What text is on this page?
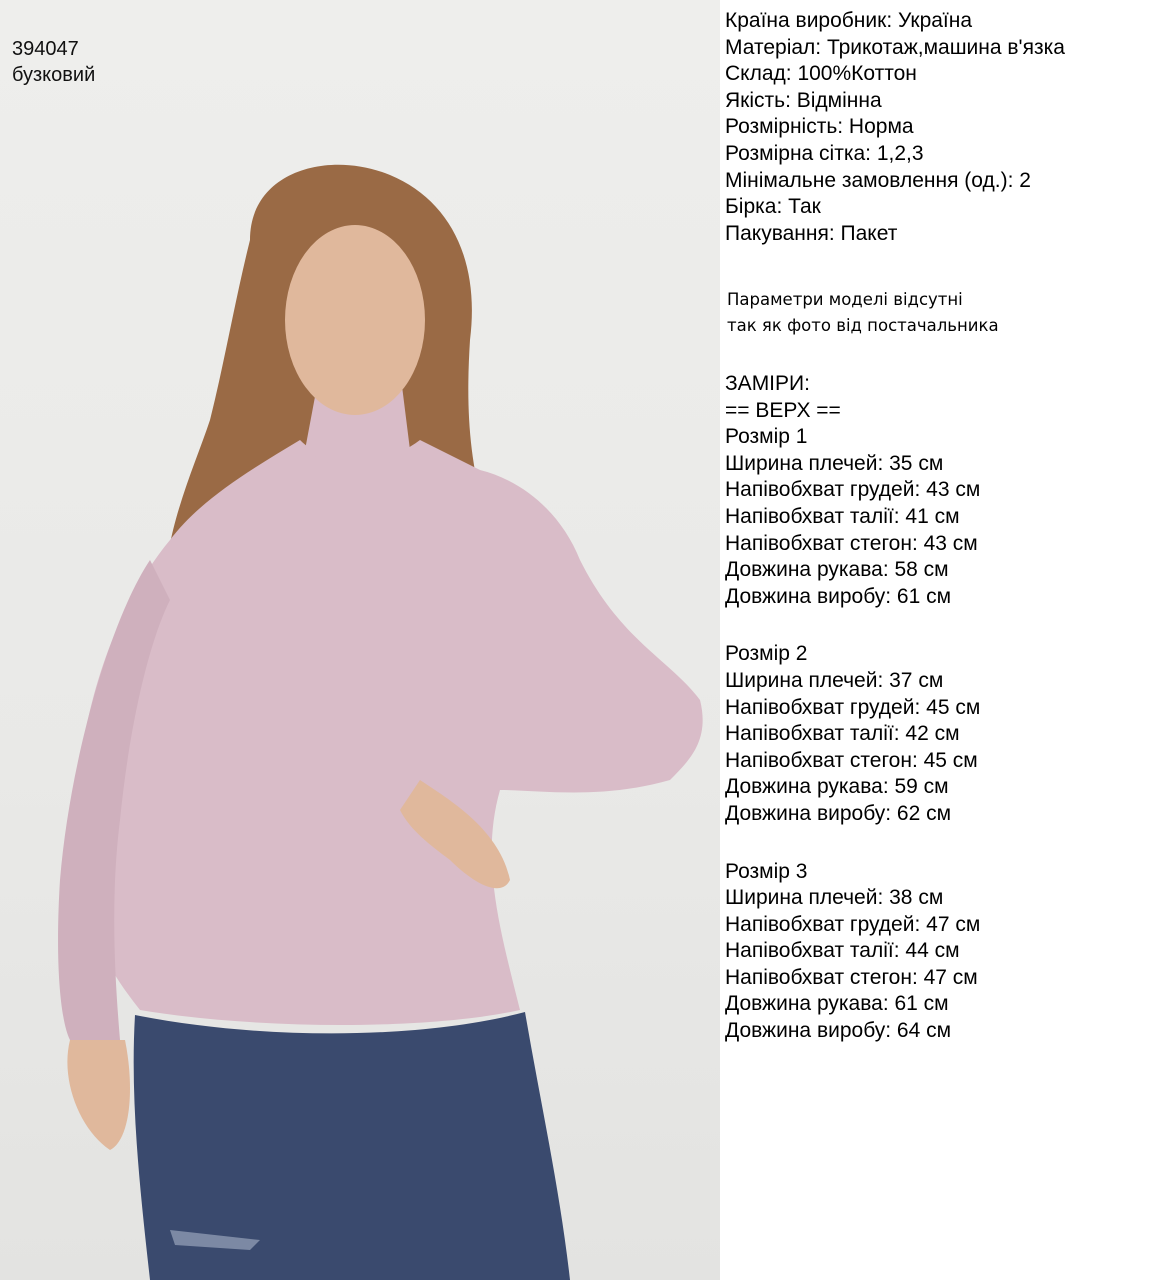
394047
бузковий
Країна виробник: Україна
Матеріал: Трикотаж,машина в'язка
Склад: 100%Коттон
Якість: Відмінна
Розмірність: Норма
Розмірна сітка: 1,2,3
Мінімальне замовлення (од.): 2
Бірка: Так
Пакування: Пакет
Параметри моделі відсутні
так як фото від постачальника
ЗАМІРИ:
== ВЕРХ ==
Розмір 1
Ширина плечей: 35 см
Напівобхват грудей: 43 см
Напівобхват талії: 41 см
Напівобхват стегон: 43 см
Довжина рукава: 58 см
Довжина виробу: 61 см
Розмір 2
Ширина плечей: 37 см
Напівобхват грудей: 45 см
Напівобхват талії: 42 см
Напівобхват стегон: 45 см
Довжина рукава: 59 см
Довжина виробу: 62 см
Розмір 3
Ширина плечей: 38 см
Напівобхват грудей: 47 см
Напівобхват талії: 44 см
Напівобхват стегон: 47 см
Довжина рукава: 61 см
Довжина виробу: 64 см
